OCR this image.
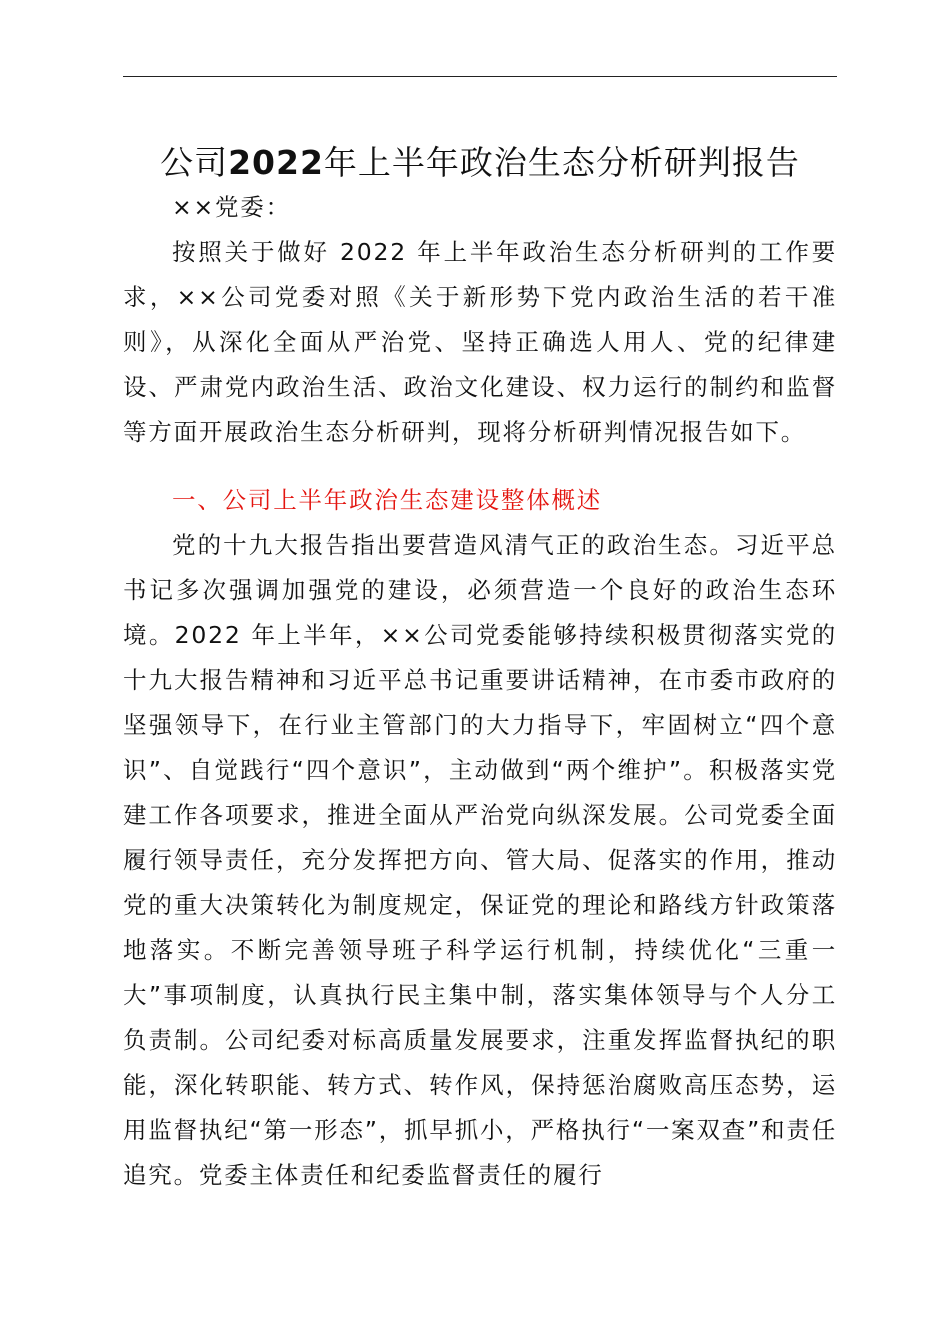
公司2022年上半年政治生态分析研判报告
××党委：
按照关于做好 2022 年上半年政治生态分析研判的工作要求，××公司党委对照《关于新形势下党内政治生活的若干准则》，从深化全面从严治党、坚持正确选人用人、党的纪律建设、严肃党内政治生活、政治文化建设、权力运行的制约和监督等方面开展政治生态分析研判，现将分析研判情况报告如下。
一、公司上半年政治生态建设整体概述
党的十九大报告指出要营造风清气正的政治生态。习近平总书记多次强调加强党的建设，必须营造一个良好的政治生态环境。2022 年上半年，××公司党委能够持续积极贯彻落实党的十九大报告精神和习近平总书记重要讲话精神，在市委市政府的坚强领导下，在行业主管部门的大力指导下，牢固树立“四个意识”、自觉践行“四个意识”，主动做到“两个维护”。积极落实党建工作各项要求，推进全面从严治党向纵深发展。公司党委全面履行领导责任，充分发挥把方向、管大局、促落实的作用，推动党的重大决策转化为制度规定，保证党的理论和路线方针政策落地落实。不断完善领导班子科学运行机制，持续优化“三重一大”事项制度，认真执行民主集中制，落实集体领导与个人分工负责制。公司纪委对标高质量发展要求，注重发挥监督执纪的职能，深化转职能、转方式、转作风，保持惩治腐败高压态势，运用监督执纪“第一形态”，抓早抓小，严格执行“一案双查”和责任追究。党委主体责任和纪委监督责任的履行
